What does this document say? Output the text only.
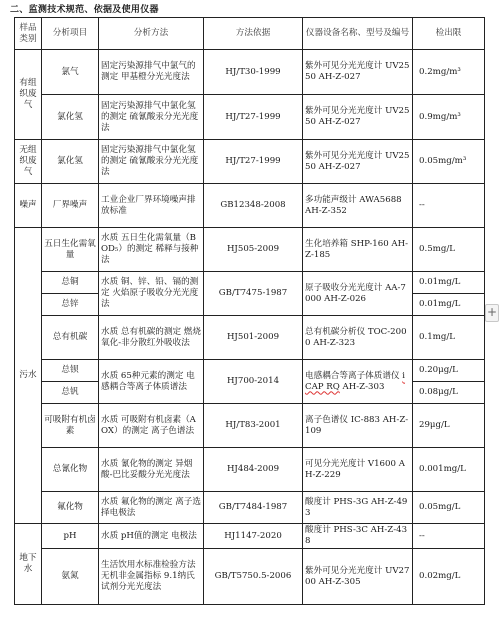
二、监测技术规范、依据及使用仪器
+
样品类别	分析项目	分析方法	方法依据	仪器设备名称、型号及编号	检出限
有组织废气	氯气	固定污染源排气中氯气的测定 甲基橙分光光度法	HJ/T30-1999	紫外可见分光光度计 UV2550 AH-Z-027	0.2mg/m³
	氯化氢	固定污染源排气中氯化氢的测定 硫氰酸汞分光光度法	HJ/T27-1999	紫外可见分光光度计 UV2550 AH-Z-027	0.9mg/m³
无组织废气	氯化氢	固定污染源排气中氯化氢的测定 硫氰酸汞分光光度法	HJ/T27-1999	紫外可见分光光度计 UV2550 AH-Z-027	0.05mg/m³
噪声	厂界噪声	工业企业厂界环境噪声排放标准	GB12348-2008	多功能声级计 AWA5688 AH-Z-352	--
污水	五日生化需氧量	水质 五日生化需氧量（BOD₅）的测定 稀释与接种法	HJ505-2009	生化培养箱 SHP-160 AH-Z-185	0.5mg/L
	总铜	水质 铜、锌、铅、镉的测定 火焰原子吸收分光光度法	GB/T7475-1987	原子吸收分光光度计 AA-7000 AH-Z-026	0.01mg/L
	总锌				0.01mg/L
	总有机碳	水质 总有机碳的测定 燃烧氧化-非分散红外吸收法	HJ501-2009	总有机碳分析仪 TOC-2000 AH-Z-323	0.1mg/L
	总钡	水质 65种元素的测定 电感耦合等离子体质谱法	HJ700-2014	电感耦合等离子体质谱仪 iCAP RQ AH-Z-303	0.20μg/L
	总钒				0.08μg/L
	可吸附有机卤素	水质 可吸附有机卤素（AOX）的测定 离子色谱法	HJ/T83-2001	离子色谱仪 IC-883 AH-Z-109	29μg/L
	总氰化物	水质 氰化物的测定 异烟酸-巴比妥酸分光光度法	HJ484-2009	可见分光光度计 V1600 AH-Z-229	0.001mg/L
	氟化物	水质 氟化物的测定 离子选择电极法	GB/T7484-1987	酸度计 PHS-3G AH-Z-493	0.05mg/L
地下水	pH	水质 pH值的测定 电极法	HJ1147-2020	酸度计 PHS-3C AH-Z-438	--
	氨氮	生活饮用水标准检验方法 无机非金属指标 9.1纳氏试剂分光光度法	GB/T5750.5-2006	紫外可见分光光度计 UV2700 AH-Z-305	0.02mg/L
